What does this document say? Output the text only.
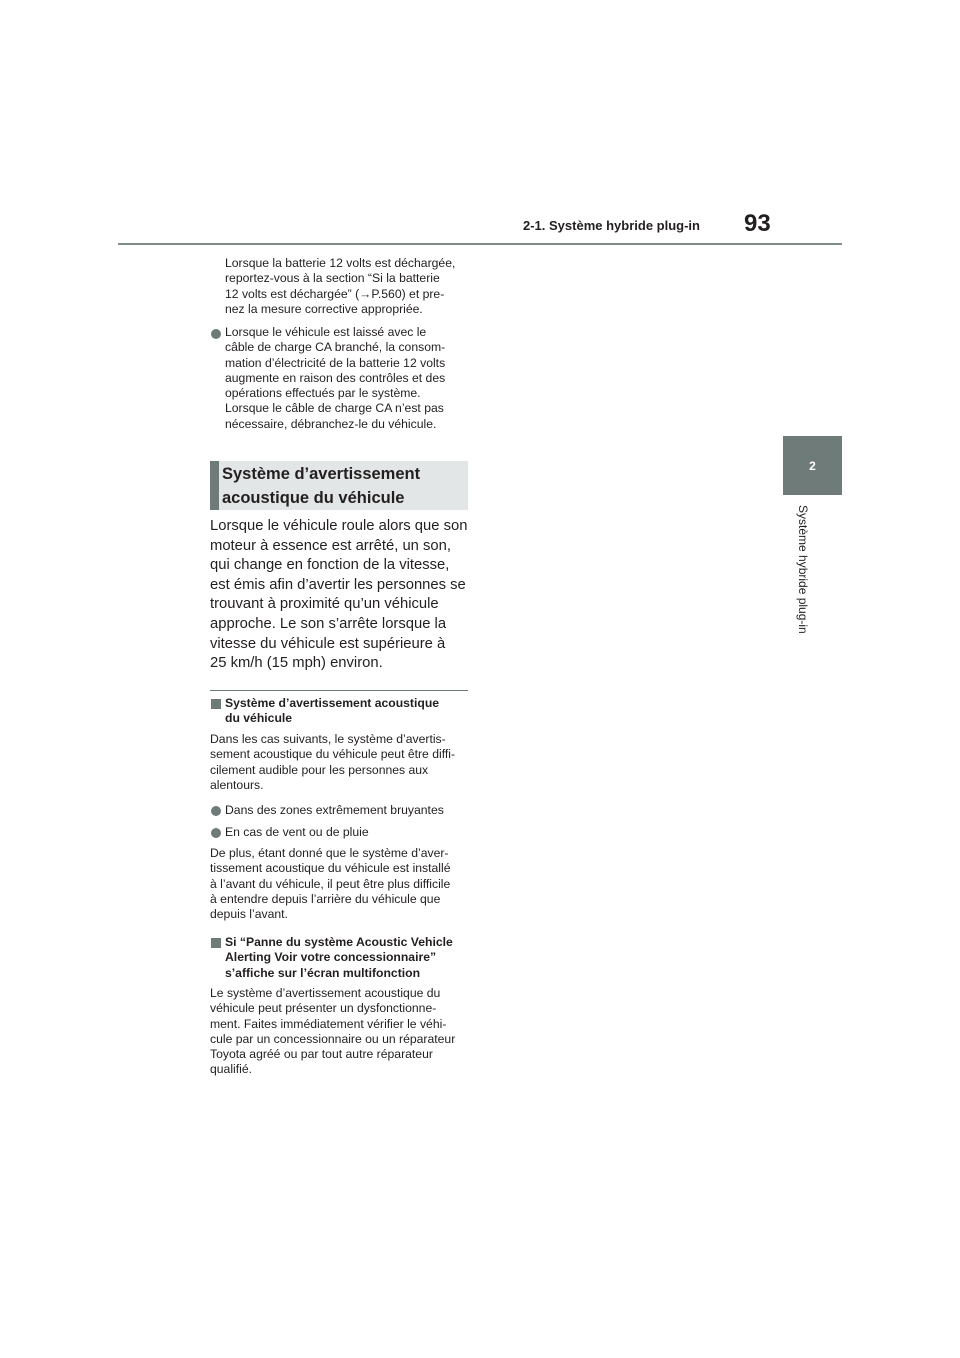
2-1. Système hybride plug-in 93
2
Système hybride plug-in
Lorsque la batterie 12 volts est déchargée,
reportez-vous à la section “Si la batterie
12 volts est déchargée” (→P.560) et pre-
nez la mesure corrective appropriée.
Lorsque le véhicule est laissé avec le
câble de charge CA branché, la consom-
mation d’électricité de la batterie 12 volts
augmente en raison des contrôles et des
opérations effectués par le système.
Lorsque le câble de charge CA n’est pas
nécessaire, débranchez-le du véhicule.
Système d’avertissement
acoustique du véhicule
Lorsque le véhicule roule alors que son
moteur à essence est arrêté, un son,
qui change en fonction de la vitesse,
est émis afin d’avertir les personnes se
trouvant à proximité qu’un véhicule
approche. Le son s’arrête lorsque la
vitesse du véhicule est supérieure à
25 km/h (15 mph) environ.
Système d’avertissement acoustique
du véhicule
Dans les cas suivants, le système d’avertis-
sement acoustique du véhicule peut être diffi-
cilement audible pour les personnes aux
alentours.
Dans des zones extrêmement bruyantes
En cas de vent ou de pluie
De plus, étant donné que le système d’aver-
tissement acoustique du véhicule est installé
à l’avant du véhicule, il peut être plus difficile
à entendre depuis l’arrière du véhicule que
depuis l’avant.
Si “Panne du système Acoustic Vehicle
Alerting Voir votre concessionnaire”
s’affiche sur l’écran multifonction
Le système d’avertissement acoustique du
véhicule peut présenter un dysfonctionne-
ment. Faites immédiatement vérifier le véhi-
cule par un concessionnaire ou un réparateur
Toyota agréé ou par tout autre réparateur
qualifié.
